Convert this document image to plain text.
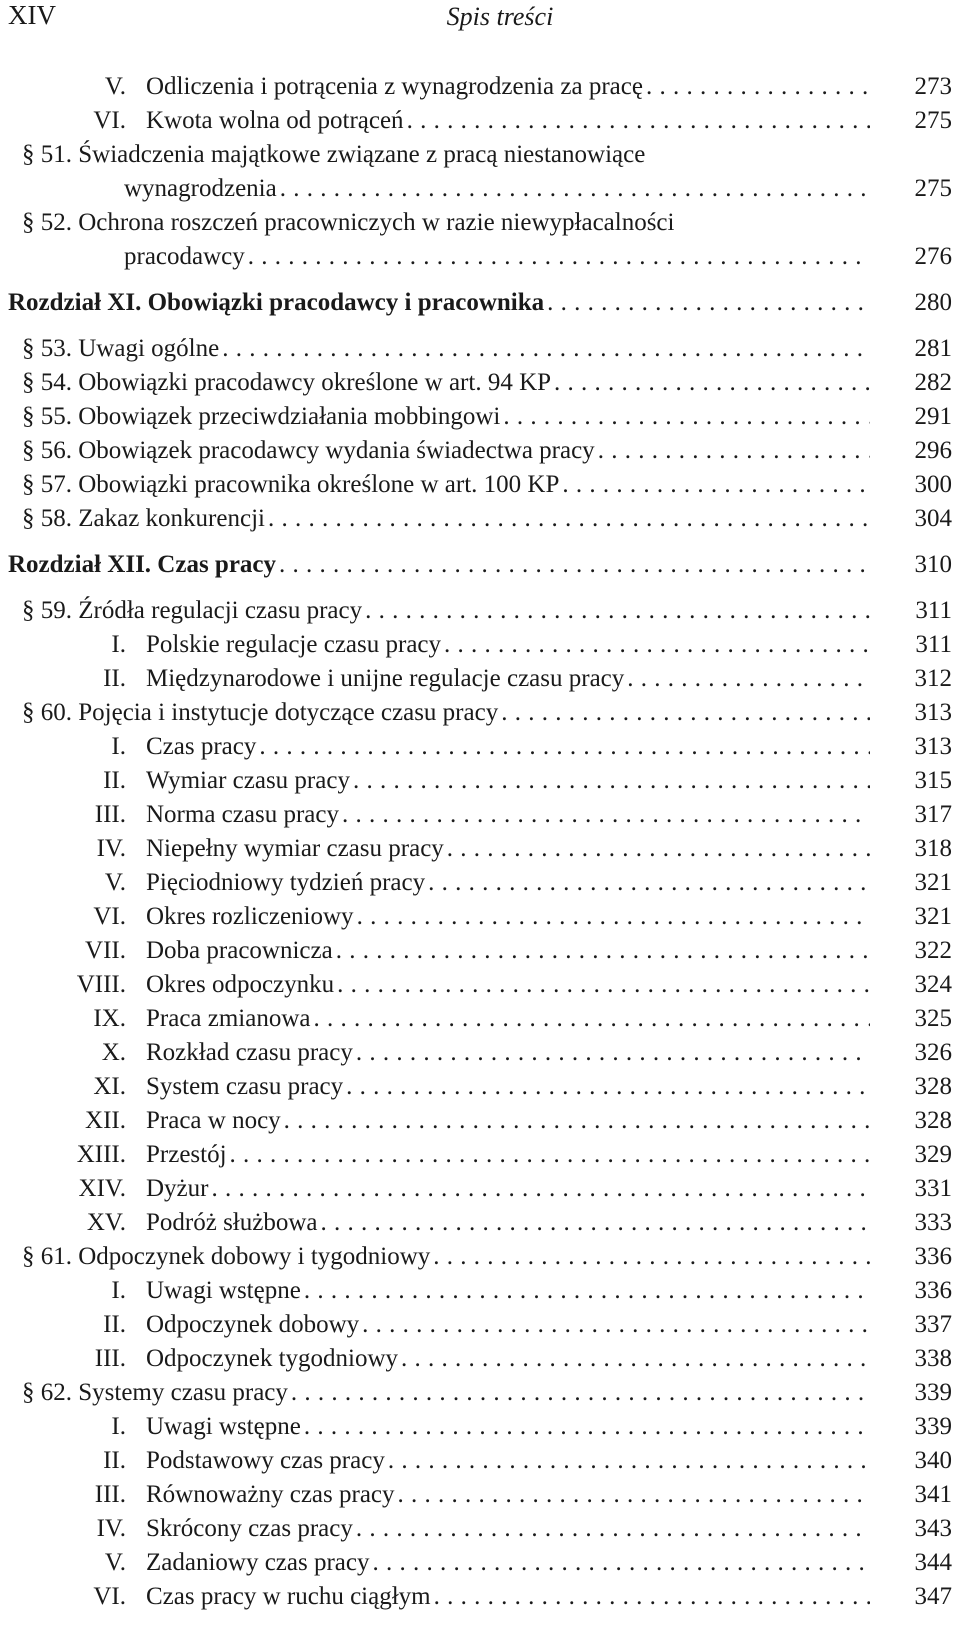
XIV	Spis treści
V. Odliczenia i potrącenia z wynagrodzenia za pracę . . .	273
VI. Kwota wolna od potrąceń . . .	275
§ 51. Świadczenia majątkowe związane z pracą niestanowiące
wynagrodzenia . . .	275
§ 52. Ochrona roszczeń pracowniczych w razie niewypłacalności
pracodawcy . . .	276
Rozdział XI. Obowiązki pracodawcy i pracownika . . .	280
§ 53. Uwagi ogólne . . .	281
§ 54. Obowiązki pracodawcy określone w art. 94 KP . . .	282
§ 55. Obowiązek przeciwdziałania mobbingowi . . .	291
§ 56. Obowiązek pracodawcy wydania świadectwa pracy . . .	296
§ 57. Obowiązki pracownika określone w art. 100 KP . . .	300
§ 58. Zakaz konkurencji . . .	304
Rozdział XII. Czas pracy . . .	310
§ 59. Źródła regulacji czasu pracy . . .	311
I. Polskie regulacje czasu pracy . . .	311
II. Międzynarodowe i unijne regulacje czasu pracy . . .	312
§ 60. Pojęcia i instytucje dotyczące czasu pracy . . .	313
I. Czas pracy . . .	313
II. Wymiar czasu pracy . . .	315
III. Norma czasu pracy . . .	317
IV. Niepełny wymiar czasu pracy . . .	318
V. Pięciodniowy tydzień pracy . . .	321
VI. Okres rozliczeniowy . . .	321
VII. Doba pracownicza . . .	322
VIII. Okres odpoczynku . . .	324
IX. Praca zmianowa . . .	325
X. Rozkład czasu pracy . . .	326
XI. System czasu pracy . . .	328
XII. Praca w nocy . . .	328
XIII. Przestój . . .	329
XIV. Dyżur . . .	331
XV. Podróż służbowa . . .	333
§ 61. Odpoczynek dobowy i tygodniowy . . .	336
I. Uwagi wstępne . . .	336
II. Odpoczynek dobowy . . .	337
III. Odpoczynek tygodniowy . . .	338
§ 62. Systemy czasu pracy . . .	339
I. Uwagi wstępne . . .	339
II. Podstawowy czas pracy . . .	340
III. Równoważny czas pracy . . .	341
IV. Skrócony czas pracy . . .	343
V. Zadaniowy czas pracy . . .	344
VI. Czas pracy w ruchu ciągłym . . .	347
